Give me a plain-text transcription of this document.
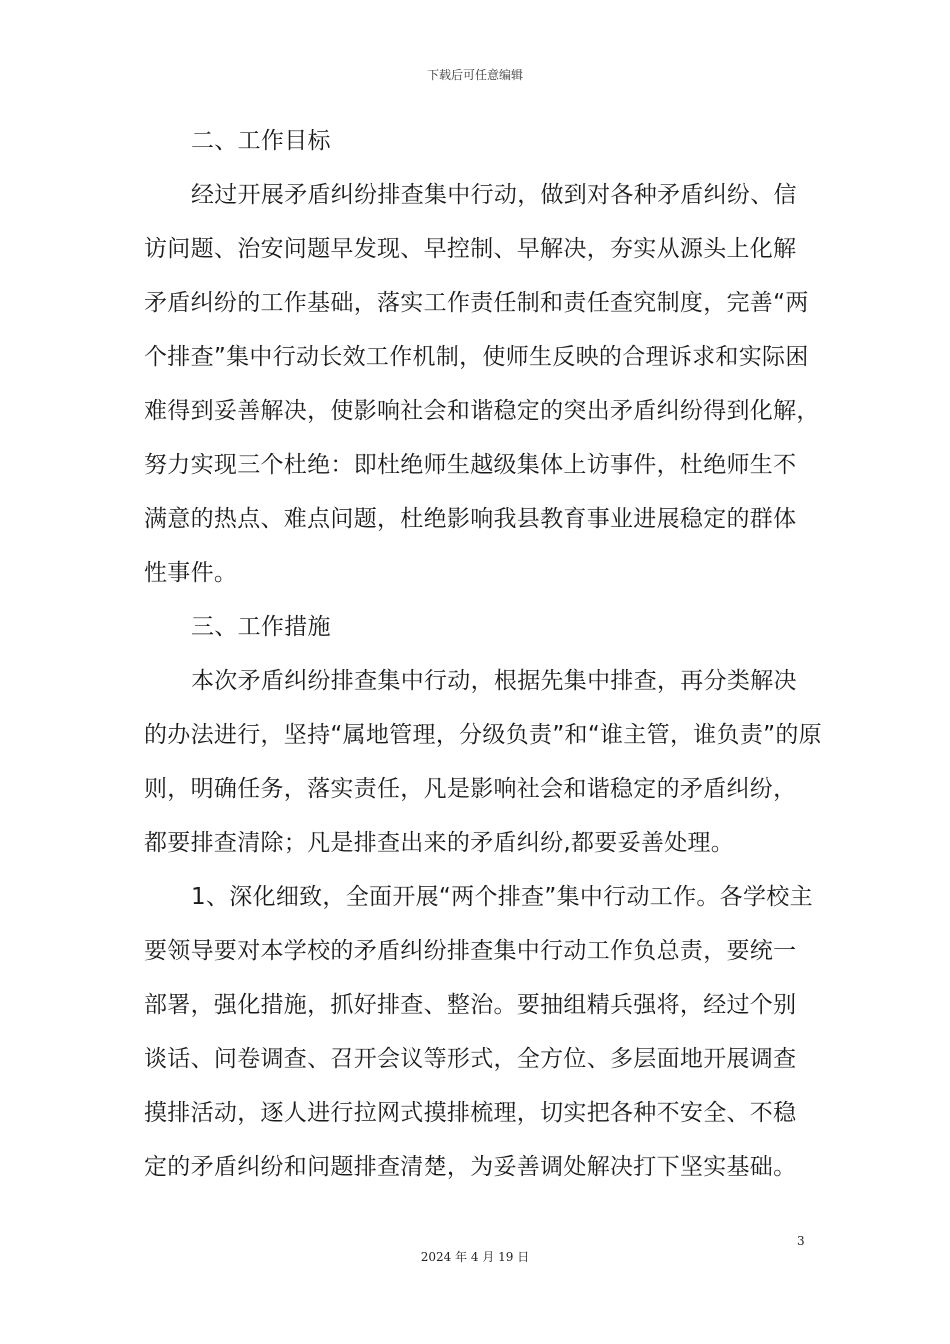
下载后可任意编辑
二、工作目标
经过开展矛盾纠纷排查集中行动，做到对各种矛盾纠纷、信
访问题、治安问题早发现、早控制、早解决，夯实从源头上化解
矛盾纠纷的工作基础，落实工作责任制和责任查究制度，完善“两
个排查”集中行动长效工作机制，使师生反映的合理诉求和实际困
难得到妥善解决，使影响社会和谐稳定的突出矛盾纠纷得到化解，
努力实现三个杜绝：即杜绝师生越级集体上访事件，杜绝师生不
满意的热点、难点问题，杜绝影响我县教育事业进展稳定的群体
性事件。
三、工作措施
本次矛盾纠纷排查集中行动，根据先集中排查，再分类解决
的办法进行，坚持“属地管理，分级负责”和“谁主管，谁负责”的原
则，明确任务，落实责任，凡是影响社会和谐稳定的矛盾纠纷，
都要排查清除；凡是排查出来的矛盾纠纷,都要妥善处理。
1、深化细致，全面开展“两个排查”集中行动工作。各学校主
要领导要对本学校的矛盾纠纷排查集中行动工作负总责，要统一
部署，强化措施，抓好排查、整治。要抽组精兵强将，经过个别
谈话、问卷调查、召开会议等形式，全方位、多层面地开展调查
摸排活动，逐人进行拉网式摸排梳理，切实把各种不安全、不稳
定的矛盾纠纷和问题排查清楚，为妥善调处解决打下坚实基础。
3
2024 年 4 月 19 日
